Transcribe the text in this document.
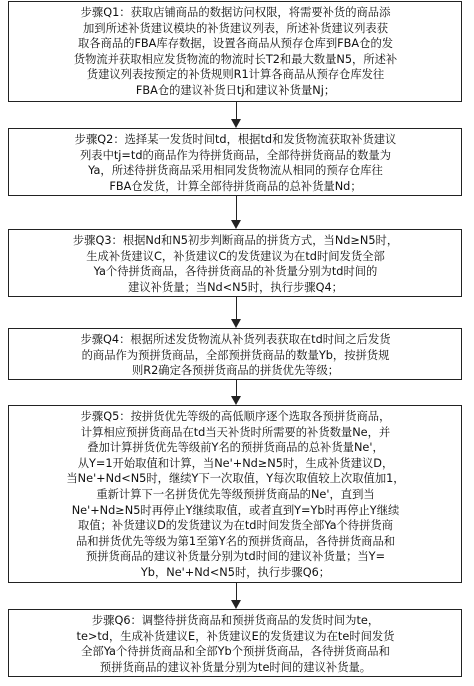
步骤Q1：获取店铺商品的数据访问权限，将需要补货的商品添
加到所述补货建议模块的补货建议列表，所述补货建议列表获
取各商品的FBA库存数据，设置各商品从预存仓库到FBA仓的发
货物流并获取相应发货物流的物流时长T2和最大数量N5，所述补
货建议列表按预定的补货规则R1计算各商品从预存仓库发往
FBA仓的建议补货日tj和建议补货量Nj；
步骤Q2：选择某一发货时间td，根据td和发货物流获取补货建议
列表中tj=td的商品作为待拼货商品，全部待拼货商品的数量为
Ya，所述待拼货商品采用相同发货物流从相同的预存仓库往
FBA仓发货，计算全部待拼货商品的总补货量Nd；
步骤Q3：根据Nd和N5初步判断商品的拼货方式，当Nd≥N5时，
生成补货建议C，补货建议C的发货建议为在td时间发货全部
Ya个待拼货商品，各待拼货商品的补货量分别为td时间的
建议补货量；当Nd<N5时，执行步骤Q4；
步骤Q4：根据所述发货物流从补货列表获取在td时间之后发货
的商品作为预拼货商品，全部预拼货商品的数量Yb，按拼货规
则R2确定各预拼货商品的拼货优先等级；
步骤Q5：按拼货优先等级的高低顺序逐个选取各预拼货商品，
计算相应预拼货商品在td当天补货时所需要的补货数量Ne，并
叠加计算拼货优先等级前Y名的预拼货商品的总补货量Ne'，
从Y=1开始取值和计算，当Ne'+Nd≥N5时，生成补货建议D，
当Ne'+Nd<N5时，继续Y下一次取值，Y每次取值较上次取值加1，
重新计算下一名拼货优先等级预拼货商品的Ne'，直到当
Ne'+Nd≥N5时再停止Y继续取值，或者直到Y=Yb时再停止Y继续
取值；补货建议D的发货建议为在td时间发货全部Ya个待拼货商
品和拼货优先等级为第1至第Y名的预拼货商品，各待拼货商品和
预拼货商品的建议补货量分别为td时间的建议补货量；当Y=
Yb，Ne'+Nd<N5时，执行步骤Q6；
步骤Q6：调整待拼货商品和预拼货商品的发货时间为te，
te>td，生成补货建议E，补货建议E的发货建议为在te时间发货
全部Ya个待拼货商品和全部Yb个预拼货商品，各待拼货商品和
预拼货商品的建议补货量分别为te时间的建议补货量。
